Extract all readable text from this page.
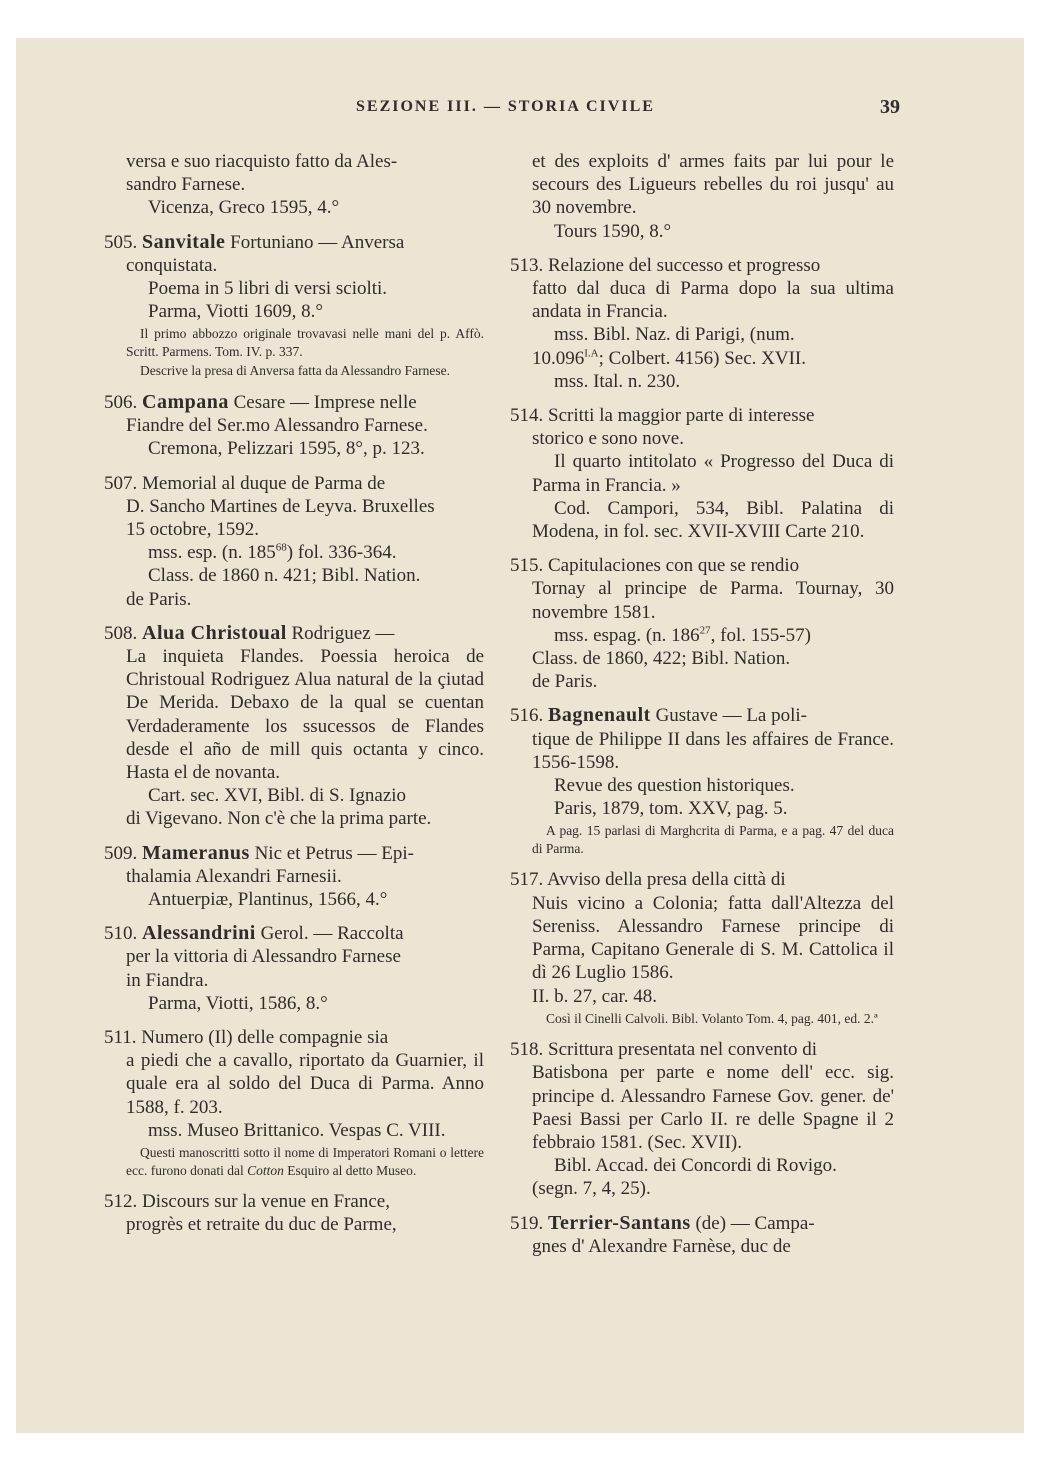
SEZIONE III. — STORIA CIVILE	39

versa e suo riacquisto fatto da Ales-

sandro Farnese.

Vicenza, Greco 1595, 4.°

505. Sanvitale Fortuniano — Anversa

conquistata.

Poema in 5 libri di versi sciolti.

Parma, Viotti 1609, 8.°

Il primo abbozzo originale trovavasi nelle mani del p. Affò. Scritt. Parmens. Tom. IV. p. 337.

Descrive la presa di Anversa fatta da Alessandro Farnese.

506. Campana Cesare — Imprese nelle

Fiandre del Ser.mo Alessandro Farnese.

Cremona, Pelizzari 1595, 8°, p. 123.

507. Memorial al duque de Parma de

D. Sancho Martines de Leyva. Bruxelles

15 octobre, 1592.

mss. esp. (n. $185^{68}$) fol. 336-364.

Class. de 1860 n. 421; Bibl. Nation.

de Paris.

508. Alua Christoual Rodriguez —

La inquieta Flandes. Poessia heroica de Christoual Rodriguez Alua natural de la çiutad De Merida. Debaxo de la qual se cuentan Verdaderamente los ssucessos de Flandes desde el año de mill quis octanta y cinco. Hasta el de novanta.

Cart. sec. XVI, Bibl. di S. Ignazio

di Vigevano. Non c'è che la prima parte.

509. Mameranus Nic et Petrus — Epi-

thalamia Alexandri Farnesii.

Antuerpiæ, Plantinus, 1566, 4.°

510. Alessandrini Gerol. — Raccolta

per la vittoria di Alessandro Farnese

in Fiandra.

Parma, Viotti, 1586, 8.°

511. Numero (Il) delle compagnie sia

a piedi che a cavallo, riportato da Guarnier, il quale era al soldo del Duca di Parma. Anno 1588, f. 203.

mss. Museo Brittanico. Vespas C. VIII.

Questi manoscritti sotto il nome di Imperatori Romani o lettere ecc. furono donati dal Cotton Esquiro al detto Museo.

512. Discours sur la venue en France,

progrès et retraite du duc de Parme,

et des exploits d' armes faits par lui pour le secours des Ligueurs rebelles du roi jusqu' au 30 novembre.

Tours 1590, 8.°

513. Relazione del successo et progresso

fatto dal duca di Parma dopo la sua ultima andata in Francia.

mss. Bibl. Naz. di Parigi, (num.

$10.096^{I.A}$; Colbert. 4156) Sec. XVII.

mss. Ital. n. 230.

514. Scritti la maggior parte di interesse

storico e sono nove.

Il quarto intitolato « Progresso del Duca di Parma in Francia. »

Cod. Campori, 534, Bibl. Palatina di Modena, in fol. sec. XVII-XVIII Carte 210.

515. Capitulaciones con que se rendio

Tornay al principe de Parma. Tournay, 30 novembre 1581.

mss. espag. (n. $186^{27}$, fol. 155-57)

Class. de 1860, 422; Bibl. Nation.

de Paris.

516. Bagnenault Gustave — La poli-

tique de Philippe II dans les affaires de France. 1556-1598.

Revue des question historiques.

Paris, 1879, tom. XXV, pag. 5.

A pag. 15 parlasi di Marghcrita di Parma, e a pag. 47 del duca di Parma.

517. Avviso della presa della città di

Nuis vicino a Colonia; fatta dall'Altezza del Sereniss. Alessandro Farnese principe di Parma, Capitano Generale di S. M. Cattolica il dì 26 Luglio 1586.

II. b. 27, car. 48.

Così il Cinelli Calvoli. Bibl. Volanto Tom. 4, pag. 401, ed. 2.ª

518. Scrittura presentata nel convento di

Batisbona per parte e nome dell' ecc. sig. principe d. Alessandro Farnese Gov. gener. de' Paesi Bassi per Carlo II. re delle Spagne il 2 febbraio 1581. (Sec. XVII).

Bibl. Accad. dei Concordi di Rovigo.

(segn. 7, 4, 25).

519. Terrier-Santans (de) — Campa-

gnes d' Alexandre Farnèse, duc de
